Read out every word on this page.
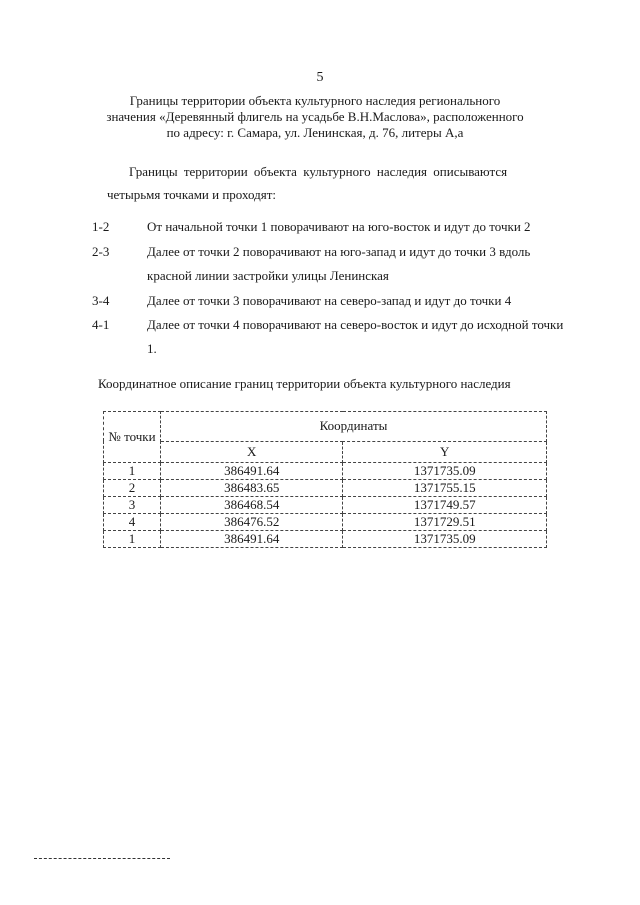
5
Границы территории объекта культурного наследия регионального
значения «Деревянный флигель на усадьбе В.Н.Маслова», расположенного
по адресу: г. Самара, ул. Ленинская, д. 76, литеры А,а
Границы территории объекта культурного наследия описываются
четырьмя точками и проходят:
1-2	От начальной точки 1 поворачивают на юго-восток и идут до точки 2
2-3	Далее от точки 2 поворачивают на юго-запад и идут до точки 3 вдоль красной линии застройки улицы Ленинская
3-4	Далее от точки 3 поворачивают на северо-запад и идут до точки 4
4-1	Далее от точки 4 поворачивают на северо-восток и идут до исходной точки 1.
Координатное описание границ территории объекта культурного наследия
№ точки	Координаты	
	X	Y
1	386491.64	1371735.09
2	386483.65	1371755.15
3	386468.54	1371749.57
4	386476.52	1371729.51
1	386491.64	1371735.09
